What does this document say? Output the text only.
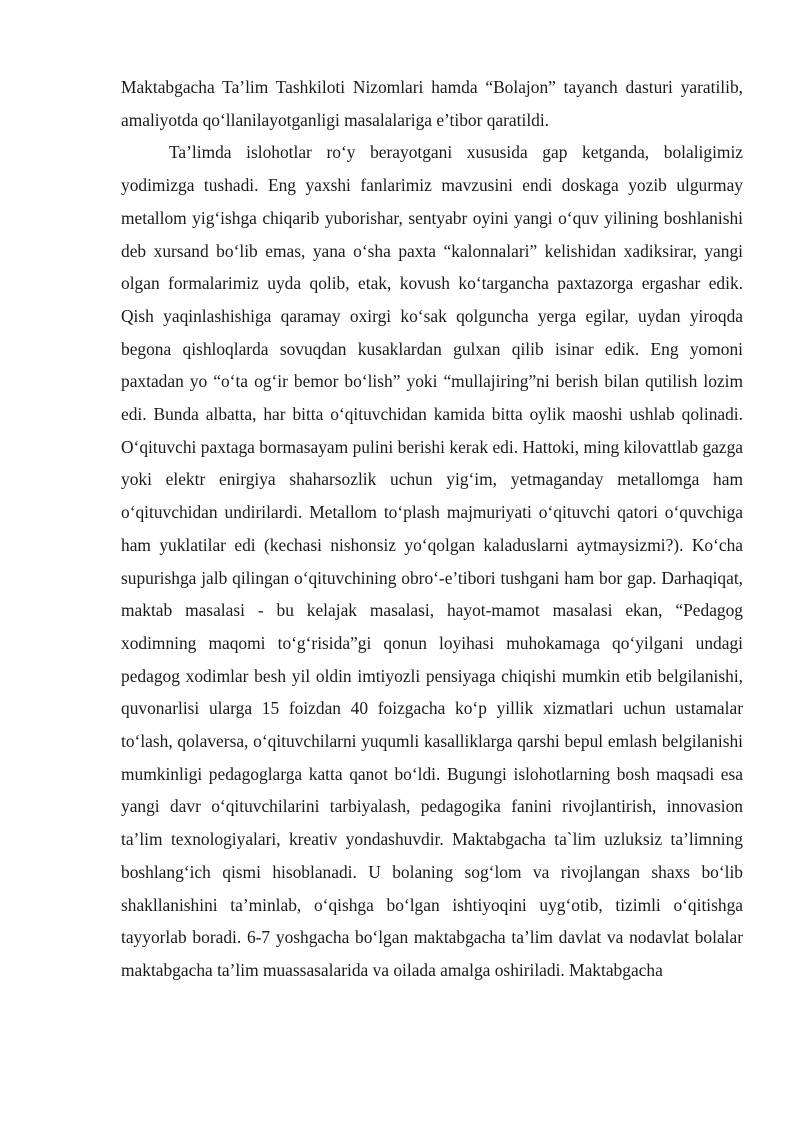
Maktabgacha Ta’lim Tashkiloti Nizomlari hamda “Bolajon” tayanch dasturi yaratilib, amaliyotda qo‘llanilayotganligi masalalariga e’tibor qaratildi.

Ta’limda islohotlar ro‘y berayotgani xususida gap ketganda, bolaligimiz yodimizga tushadi. Eng yaxshi fanlarimiz mavzusini endi doskaga yozib ulgurmay metallom yig‘ishga chiqarib yuborishar, sentyabr oyini yangi o‘quv yilining boshlanishi deb xursand bo‘lib emas, yana o‘sha paxta “kalonnalari” kelishidan xadiksirar, yangi olgan formalarimiz uyda qolib, etak, kovush ko‘targancha paxtazorga ergashar edik. Qish yaqinlashishiga qaramay oxirgi ko‘sak qolguncha yerga egilar, uydan yiroqda begona qishloqlarda sovuqdan kusaklardan gulxan qilib isinar edik. Eng yomoni paxtadan yo “o‘ta og‘ir bemor bo‘lish” yoki “mullajiring”ni berish bilan qutilish lozim edi. Bunda albatta, har bitta o‘qituvchidan kamida bitta oylik maoshi ushlab qolinadi. O‘qituvchi paxtaga bormasayam pulini berishi kerak edi. Hattoki, ming kilovattlab gazga yoki elektr enirgiya shaharsozlik uchun yig‘im, yetmaganday metallomga ham o‘qituvchidan undirilardi. Metallom to‘plash majmuriyati o‘qituvchi qatori o‘quvchiga ham yuklatilar edi (kechasi nishonsiz yo‘qolgan kaladuslarni aytmaysizmi?). Ko‘cha supurishga jalb qilingan o‘qituvchining obro‘-e’tibori tushgani ham bor gap. Darhaqiqat, maktab masalasi - bu kelajak masalasi, hayot-mamot masalasi ekan, “Pedagog xodimning maqomi to‘g‘risida”gi qonun loyihasi muhokamaga qo‘yilgani undagi pedagog xodimlar besh yil oldin imtiyozli pensiyaga chiqishi mumkin etib belgilanishi, quvonarlisi ularga 15 foizdan 40 foizgacha ko‘p yillik xizmatlari uchun ustamalar to‘lash, qolaversa, o‘qituvchilarni yuqumli kasalliklarga qarshi bepul emlash belgilanishi mumkinligi pedagoglarga katta qanot bo‘ldi. Bugungi islohotlarning bosh maqsadi esa yangi davr o‘qituvchilarini tarbiyalash, pedagogika fanini rivojlantirish, innovasion ta’lim texnologiyalari, kreativ yondashuvdir. Maktabgacha ta`lim uzluksiz ta’limning boshlang‘ich qismi hisoblanadi. U bolaning sog‘lom va rivojlangan shaxs bo‘lib shakllanishini ta’minlab, o‘qishga bo‘lgan ishtiyoqini uyg‘otib, tizimli o‘qitishga tayyorlab boradi. 6-7 yoshgacha bo‘lgan maktabgacha ta’lim davlat va nodavlat bolalar maktabgacha ta’lim muassasalarida va oilada amalga oshiriladi. Maktabgacha
